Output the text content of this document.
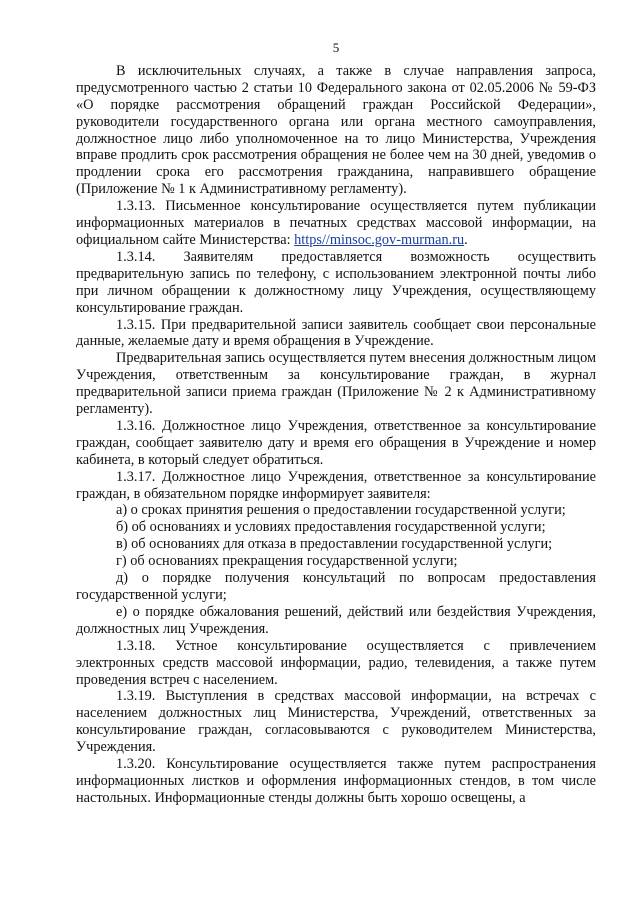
5

В исключительных случаях, а также в случае направления запроса, предусмотренного частью 2 статьи 10 Федерального закона от 02.05.2006 № 59-ФЗ «О порядке рассмотрения обращений граждан Российской Федерации», руководители государственного органа или органа местного самоуправления, должностное лицо либо уполномоченное на то лицо Министерства, Учреждения вправе продлить срок рассмотрения обращения не более чем на 30 дней, уведомив о продлении срока его рассмотрения гражданина, направившего обращение (Приложение № 1 к Административному регламенту).

1.3.13. Письменное консультирование осуществляется путем публикации информационных материалов в печатных средствах массовой информации, на официальном сайте Министерства: https//minsoc.gov-murman.ru.

1.3.14. Заявителям предоставляется возможность осуществить предварительную запись по телефону, с использованием электронной почты либо при личном обращении к должностному лицу Учреждения, осуществляющему консультирование граждан.

1.3.15. При предварительной записи заявитель сообщает свои персональные данные, желаемые дату и время обращения в Учреждение.

Предварительная запись осуществляется путем внесения должностным лицом Учреждения, ответственным за консультирование граждан, в журнал предварительной записи приема граждан (Приложение № 2 к Административному регламенту).

1.3.16. Должностное лицо Учреждения, ответственное за консультирование граждан, сообщает заявителю дату и время его обращения в Учреждение и номер кабинета, в который следует обратиться.

1.3.17. Должностное лицо Учреждения, ответственное за консультирование граждан, в обязательном порядке информирует заявителя:

а) о сроках принятия решения о предоставлении государственной услуги;

б) об основаниях и условиях предоставления государственной услуги;

в) об основаниях для отказа в предоставлении государственной услуги;

г) об основаниях прекращения государственной услуги;

д) о порядке получения консультаций по вопросам предоставления государственной услуги;

е) о порядке обжалования решений, действий или бездействия Учреждения, должностных лиц Учреждения.

1.3.18. Устное консультирование осуществляется с привлечением электронных средств массовой информации, радио, телевидения, а также путем проведения встреч с населением.

1.3.19. Выступления в средствах массовой информации, на встречах с населением должностных лиц Министерства, Учреждений, ответственных за консультирование граждан, согласовываются с руководителем Министерства, Учреждения.

1.3.20. Консультирование осуществляется также путем распространения информационных листков и оформления информационных стендов, в том числе настольных. Информационные стенды должны быть хорошо освещены, а
